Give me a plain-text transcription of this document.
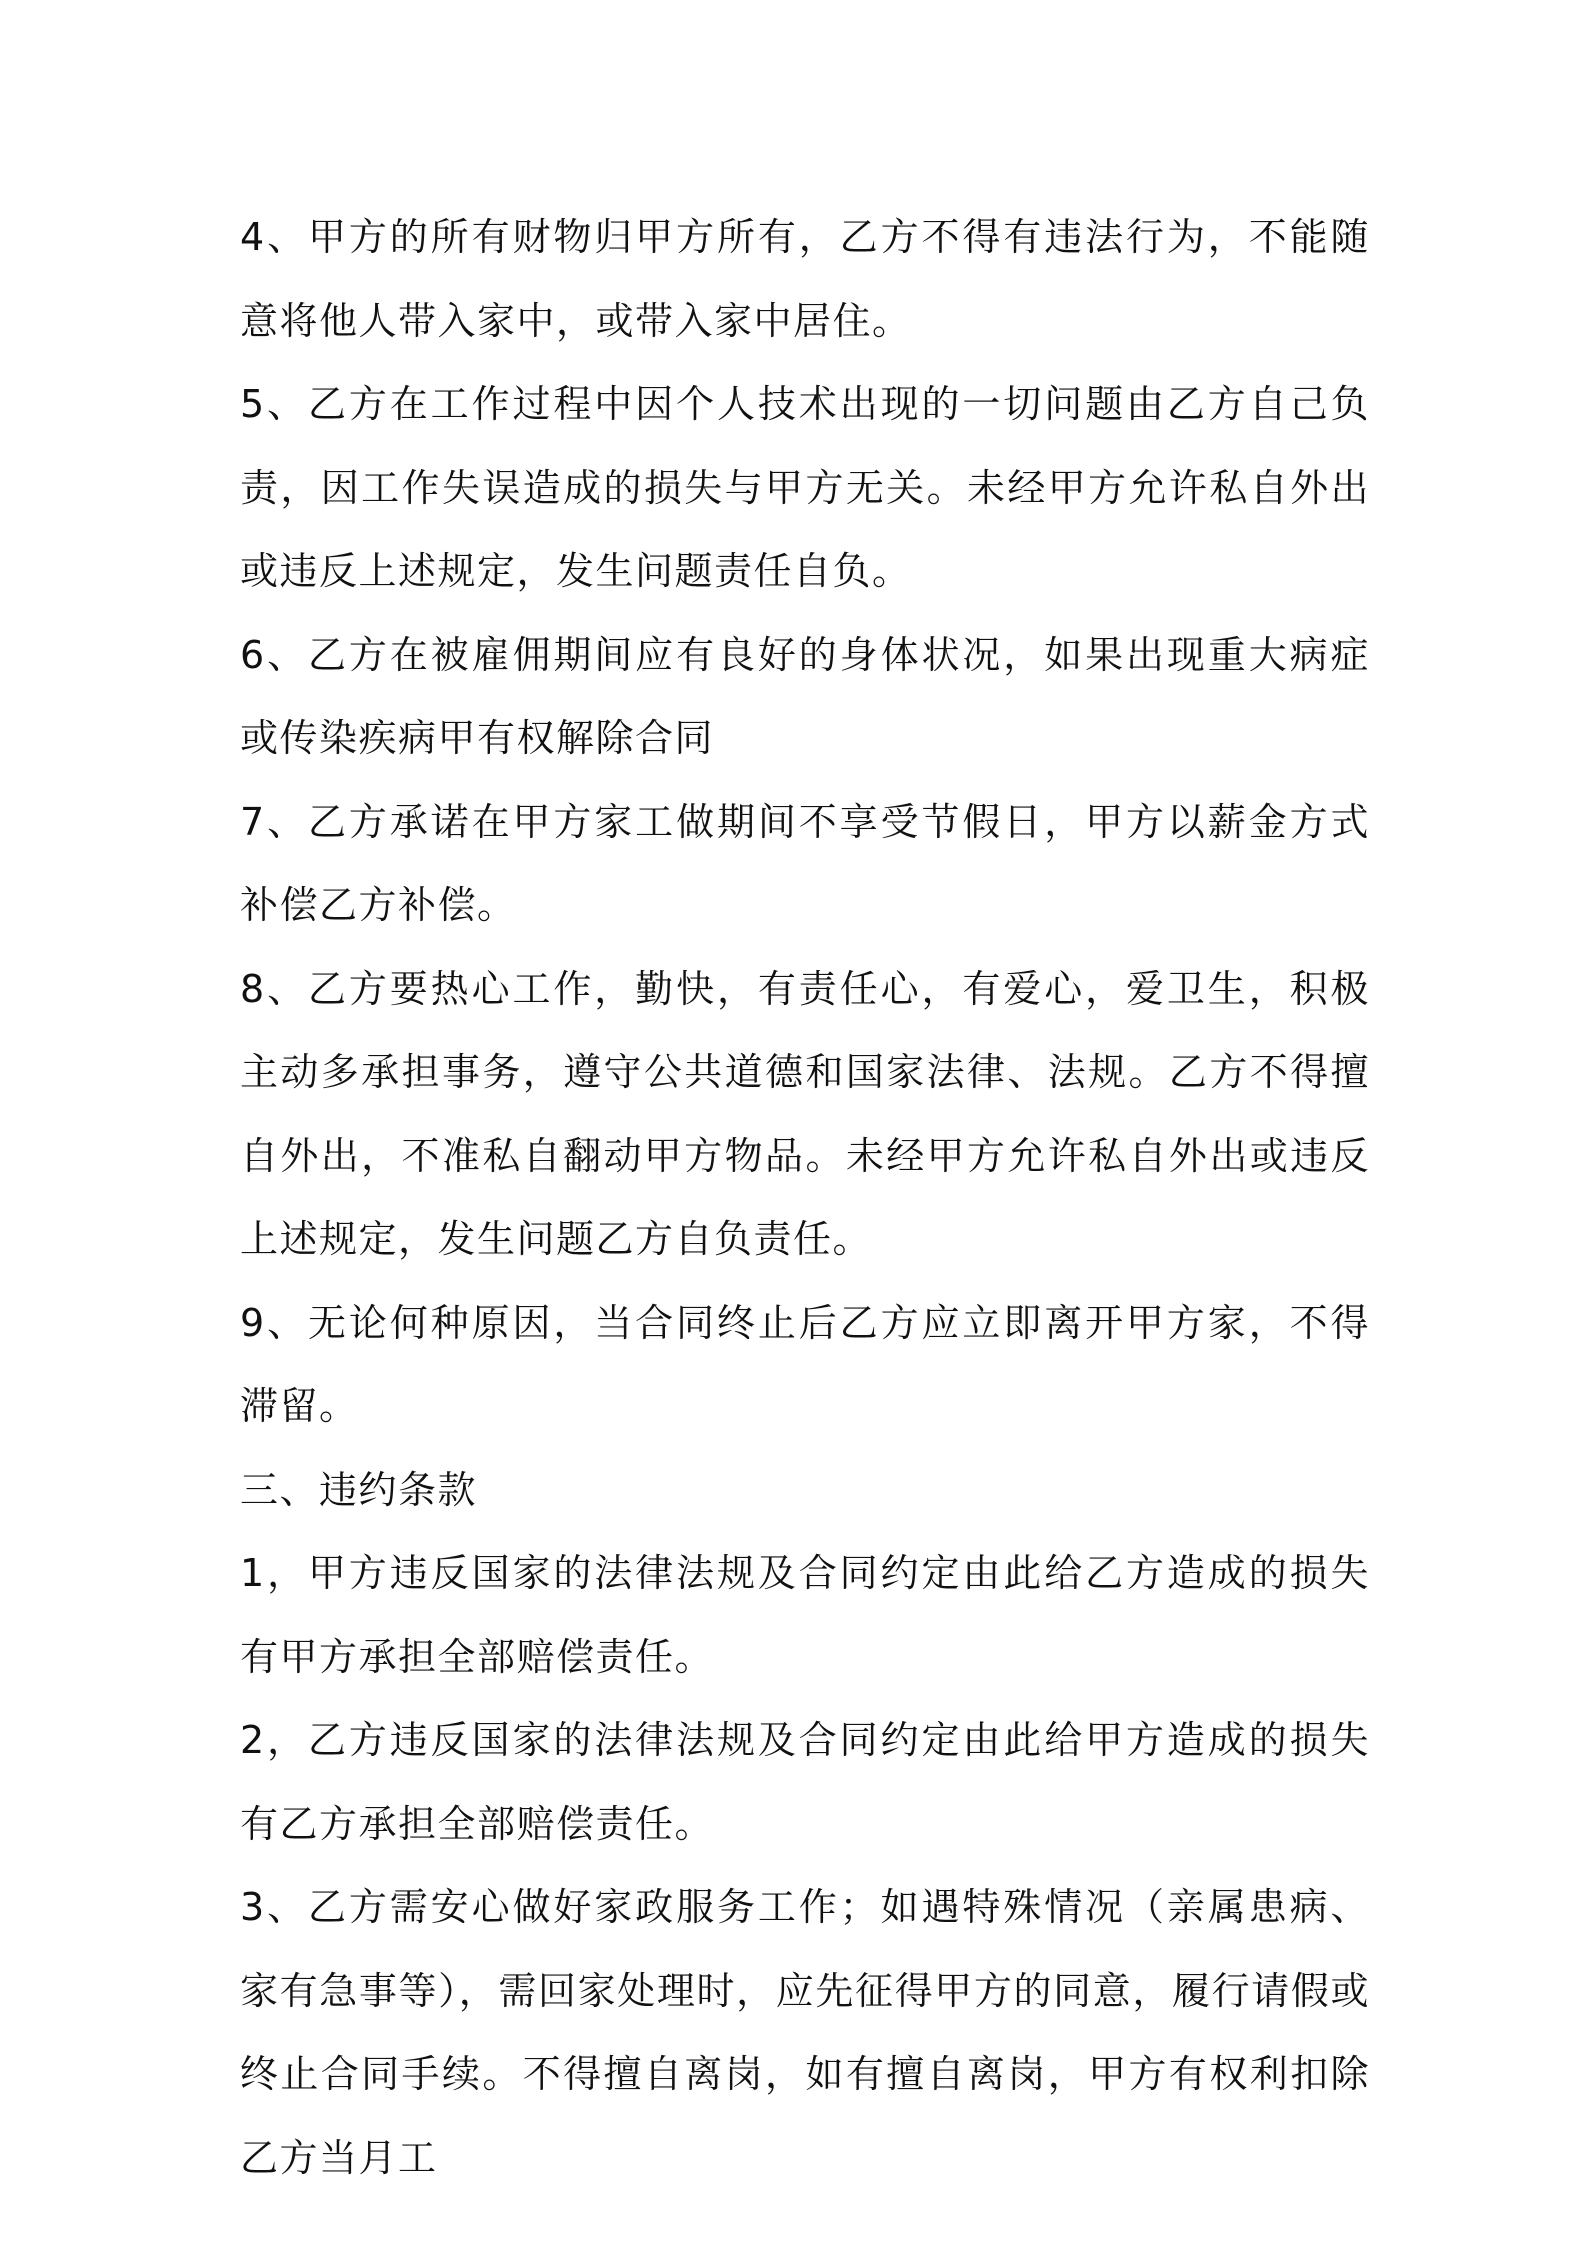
4、甲方的所有财物归甲方所有，乙方不得有违法行为，不能随意将他人带入家中，或带入家中居住。

5、乙方在工作过程中因个人技术出现的一切问题由乙方自己负责，因工作失误造成的损失与甲方无关。未经甲方允许私自外出或违反上述规定，发生问题责任自负。

6、乙方在被雇佣期间应有良好的身体状况，如果出现重大病症或传染疾病甲有权解除合同

7、乙方承诺在甲方家工做期间不享受节假日，甲方以薪金方式补偿乙方补偿。

8、乙方要热心工作，勤快，有责任心，有爱心，爱卫生，积极主动多承担事务，遵守公共道德和国家法律、法规。乙方不得擅自外出，不准私自翻动甲方物品。未经甲方允许私自外出或违反上述规定，发生问题乙方自负责任。

9、无论何种原因，当合同终止后乙方应立即离开甲方家，不得滞留。

三、违约条款

1，甲方违反国家的法律法规及合同约定由此给乙方造成的损失有甲方承担全部赔偿责任。

2，乙方违反国家的法律法规及合同约定由此给甲方造成的损失有乙方承担全部赔偿责任。

3、乙方需安心做好家政服务工作；如遇特殊情况（亲属患病、家有急事等），需回家处理时，应先征得甲方的同意，履行请假或终止合同手续。不得擅自离岗，如有擅自离岗，甲方有权利扣除乙方当月工
